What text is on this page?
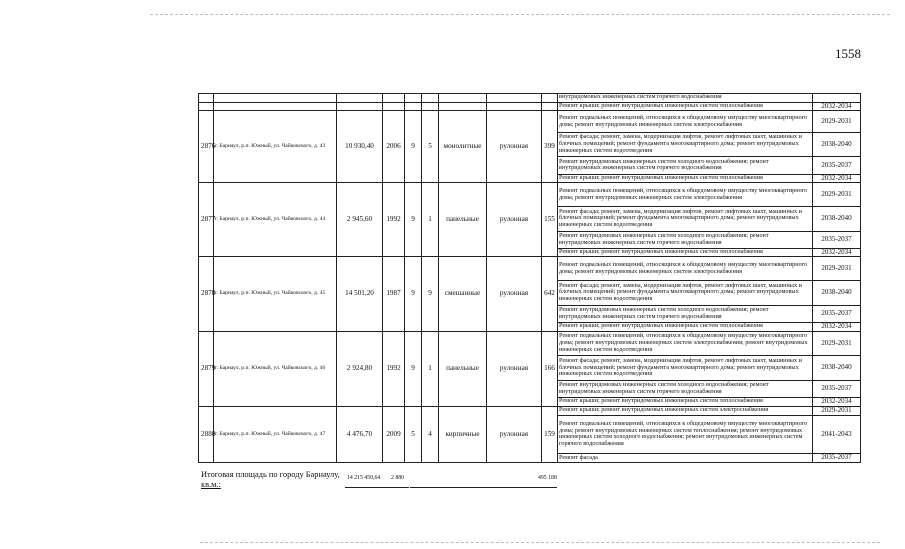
1558
									внутридомовых инженерных систем горячего водоснабжения	
									Ремонт крыши; ремонт внутридомовых инженерных систем теплоснабжения	2032-2034
2876	г. Барнаул, р.п. Южный, ул. Чайковского, д. 43	10 930,40	2006	9	5	монолитные	рулонная	399	Ремонт подвальных помещений, относящихся к общедомовому имуществу многоквартирного дома; ремонт внутридомовых инженерных систем электроснабжения	2029-2031
									Ремонт фасада; ремонт, замена, модернизация лифтов, ремонт лифтовых шахт, машинных и блочных помещений; ремонт фундамента многоквартирного дома; ремонт внутридомовых инженерных систем водоотведения	2038-2040
									Ремонт внутридомовых инженерных систем холодного водоснабжения; ремонт внутридомовых инженерных систем горячего водоснабжения	2035-2037
									Ремонт крыши; ремонт внутридомовых инженерных систем теплоснабжения	2032-2034
2877	г. Барнаул, р.п. Южный, ул. Чайковского, д. 44	2 945,60	1992	9	1	панельные	рулонная	155	Ремонт подвальных помещений, относящихся к общедомовому имуществу многоквартирного дома; ремонт внутридомовых инженерных систем электроснабжения	2029-2031
									Ремонт фасада; ремонт, замена, модернизация лифтов, ремонт лифтовых шахт, машинных и блочных помещений; ремонт фундамента многоквартирного дома; ремонт внутридомовых инженерных систем водоотведения	2038-2040
									Ремонт внутридомовых инженерных систем холодного водоснабжения; ремонт внутридомовых инженерных систем горячего водоснабжения	2035-2037
									Ремонт крыши; ремонт внутридомовых инженерных систем теплоснабжения	2032-2034
2878	г. Барнаул, р.п. Южный, ул. Чайковского, д. 45	14 501,20	1987	9	9	смешанные	рулонная	642	Ремонт подвальных помещений, относящихся к общедомовому имуществу многоквартирного дома; ремонт внутридомовых инженерных систем электроснабжения	2029-2031
									Ремонт фасада; ремонт, замена, модернизация лифтов, ремонт лифтовых шахт, машинных и блочных помещений; ремонт фундамента многоквартирного дома; ремонт внутридомовых инженерных систем водоотведения	2038-2040
									Ремонт внутридомовых инженерных систем холодного водоснабжения; ремонт внутридомовых инженерных систем горячего водоснабжения	2035-2037
									Ремонт крыши; ремонт внутридомовых инженерных систем теплоснабжения	2032-2034
2879	г. Барнаул, р.п. Южный, ул. Чайковского, д. 46	2 924,80	1992	9	1	панельные	рулонная	166	Ремонт подвальных помещений, относящихся к общедомовому имуществу многоквартирного дома; ремонт внутридомовых инженерных систем электроснабжения; ремонт внутридомовых инженерных систем водоотведения	2029-2031
									Ремонт фасада; ремонт, замена, модернизация лифтов, ремонт лифтовых шахт, машинных и блочных помещений; ремонт фундамента многоквартирного дома; ремонт внутридомовых инженерных систем водоотведения	2038-2040
									Ремонт внутридомовых инженерных систем холодного водоснабжения; ремонт внутридомовых инженерных систем горячего водоснабжения	2035-2037
									Ремонт крыши; ремонт внутридомовых инженерных систем теплоснабжения	2032-2034
2880	г. Барнаул, р.п. Южный, ул. Чайковского, д. 47	4 476,70	2009	5	4	кирпичные	рулонная	159	Ремонт крыши; ремонт внутридомовых инженерных систем электроснабжения	2029-2031
									Ремонт подвальных помещений, относящихся к общедомовому имуществу многоквартирного дома; ремонт внутридомовых инженерных систем теплоснабжения; ремонт внутридомовых инженерных систем холодного водоснабжения; ремонт внутридомовых инженерных систем горячего водоснабжения	2041-2043
									Ремонт фасада	2035-2037
Итоговая площадь по городу Барнаулу,
кв.м.:
14 215 450,64 2 880	495 188
